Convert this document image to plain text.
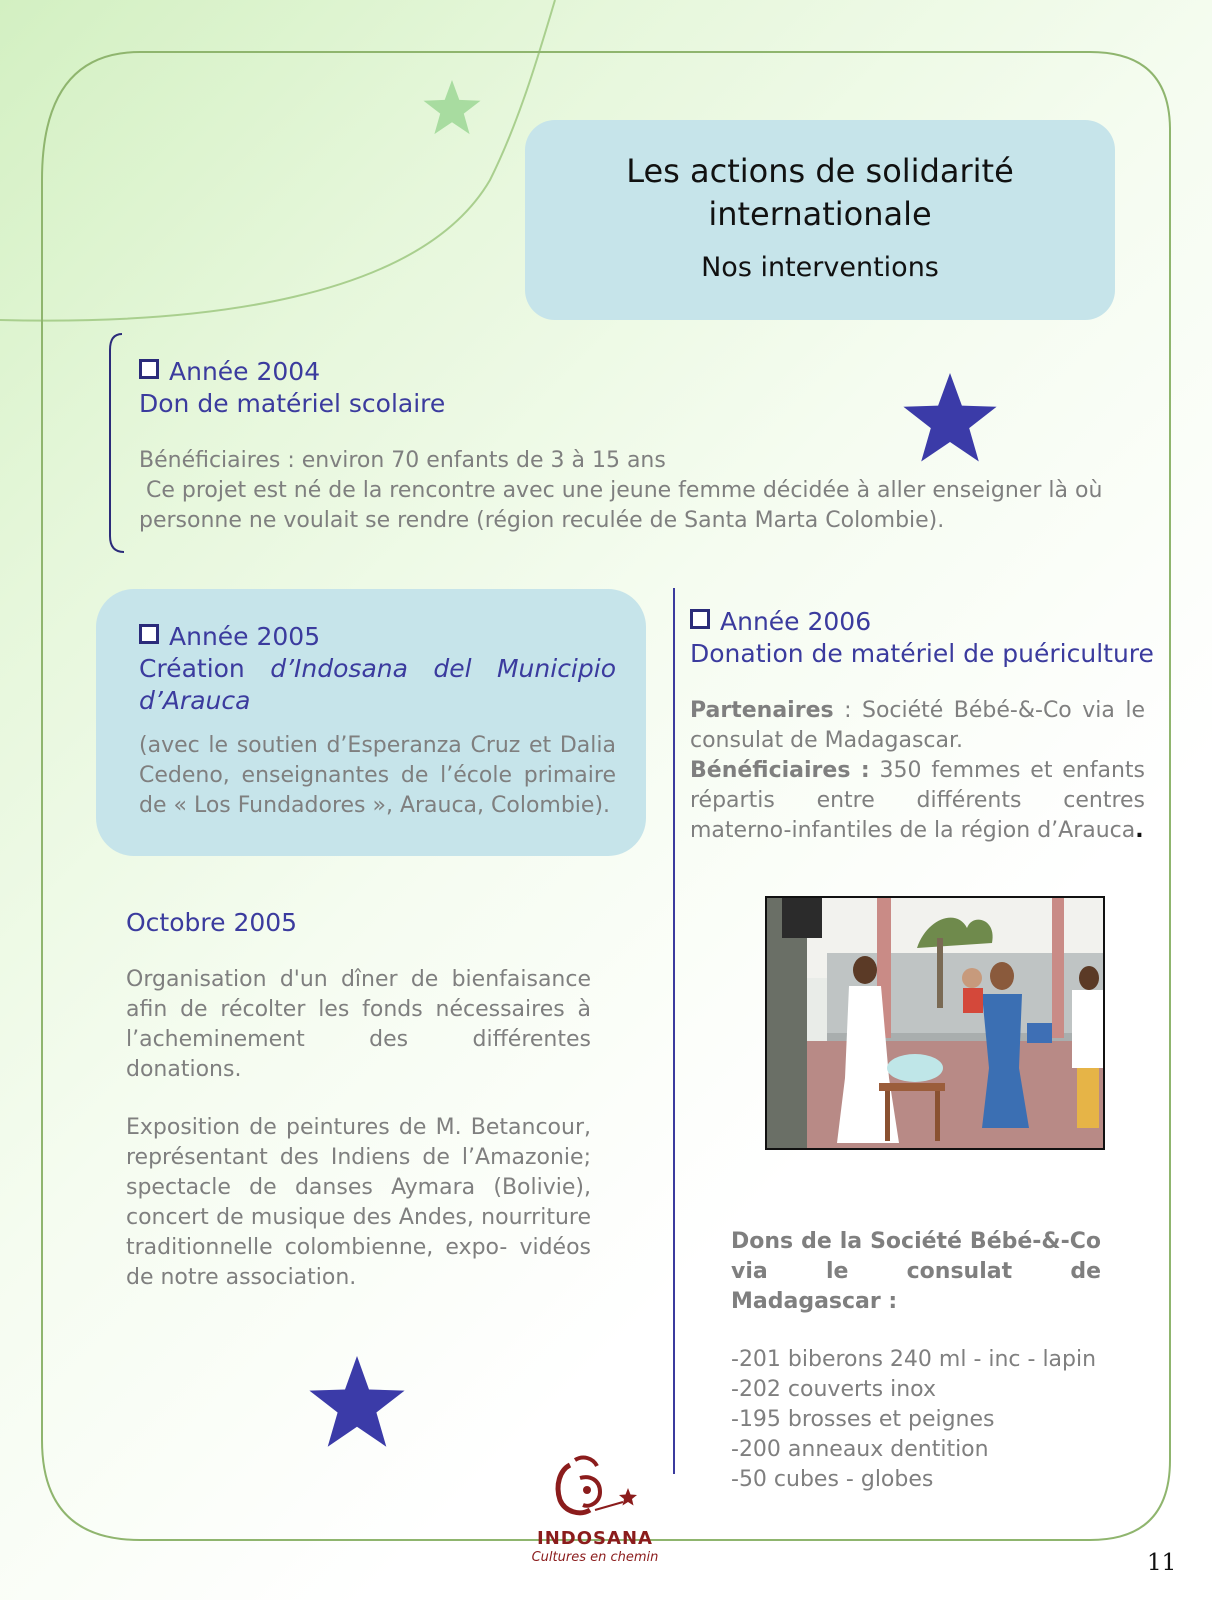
Les actions de solidarité internationale
Nos interventions
Année 2004
Don de matériel scolaire
Bénéficiaires : environ 70 enfants de 3 à 15 ans
Ce projet est né de la rencontre avec une jeune femme décidée à aller enseigner là où personne ne voulait se rendre (région reculée de Santa Marta Colombie).
Année 2005
Création d’Indosana del Municipio d’Arauca
(avec le soutien d’Esperanza Cruz et Dalia Cedeno, enseignantes de l’école primaire de « Los Fundadores », Arauca, Colombie).
Année 2006
Donation de matériel de puériculture
Partenaires : Société Bébé-&-Co via le consulat de Madagascar.
Bénéficiaires : 350 femmes et enfants répartis entre différents centres materno-infantiles de la région d’Arauca.
Octobre 2005
Organisation d'un dîner de bienfaisance afin de récolter les fonds nécessaires à l’acheminement des différentes donations.
Exposition de peintures de M. Betancour, représentant des Indiens de l’Amazonie; spectacle de danses Aymara (Bolivie), concert de musique des Andes, nourriture traditionnelle colombienne, expo- vidéos de notre association.
Dons de la Société Bébé-&-Co via le consulat de Madagascar :
-201 biberons 240 ml - inc - lapin
-202 couverts inox
-195 brosses et peignes
-200 anneaux dentition
-50 cubes - globes
INDOSANA
Cultures en chemin	11
